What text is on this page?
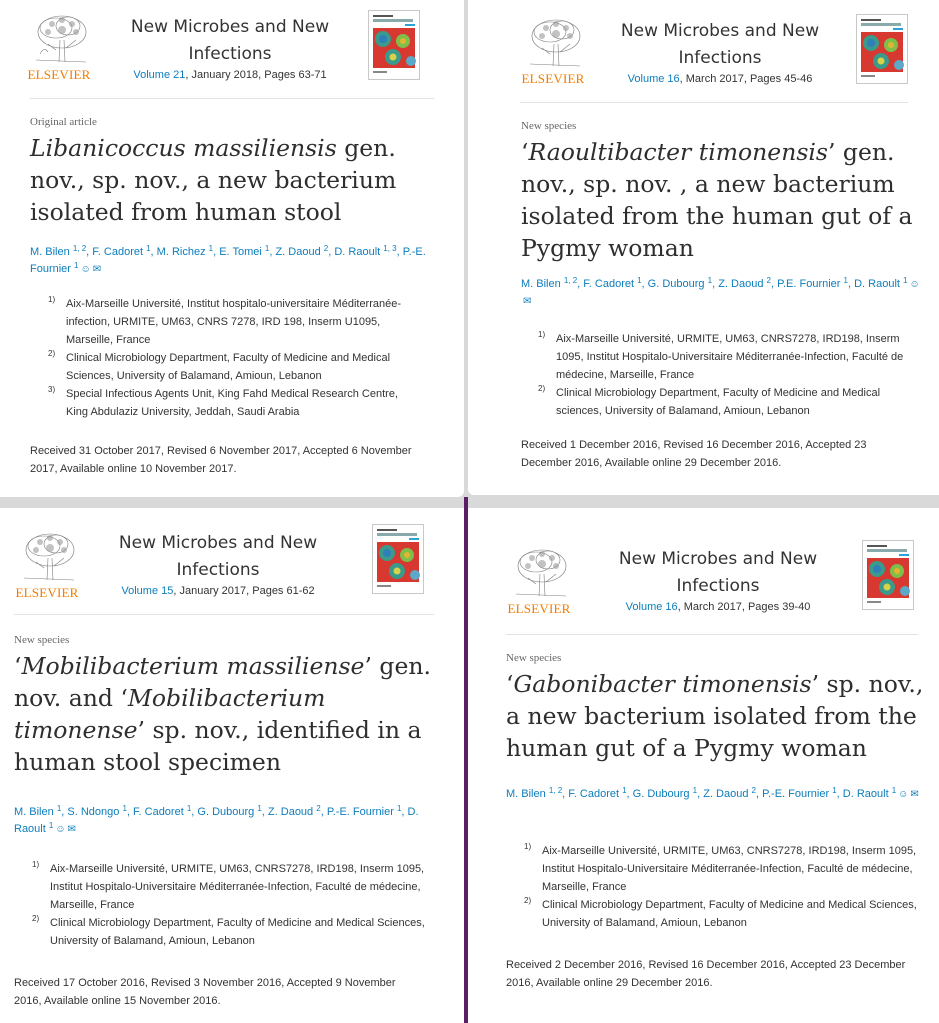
ELSEVIER
New Microbes and New Infections
Volume 21, January 2018, Pages 63-71
Original article
Libanicoccus massiliensis gen. nov., sp. nov., a new bacterium isolated from human stool
M. Bilen $^{1, 2}$, F. Cadoret $^1$, M. Richez $^1$, E. Tomei $^1$, Z. Daoud $^2$, D. Raoult $^{1, 3}$, P.-E. Fournier $^1$ ☺ ✉
1) Aix-Marseille Université, Institut hospitalo-universitaire Méditerranée-infection, URMITE, UM63, CNRS 7278, IRD 198, Inserm U1095, Marseille, France
2) Clinical Microbiology Department, Faculty of Medicine and Medical Sciences, University of Balamand, Amioun, Lebanon
3) Special Infectious Agents Unit, King Fahd Medical Research Centre, King Abdulaziz University, Jeddah, Saudi Arabia
Received 31 October 2017, Revised 6 November 2017, Accepted 6 November 2017, Available online 10 November 2017.
ELSEVIER
New Microbes and New Infections
Volume 16, March 2017, Pages 45-46
New species
‘Raoultibacter timonensis’ gen. nov., sp. nov. , a new bacterium isolated from the human gut of a Pygmy woman
M. Bilen $^{1, 2}$, F. Cadoret $^1$, G. Dubourg $^1$, Z. Daoud $^2$, P.E. Fournier $^1$, D. Raoult $^1$ ☺✉
1) Aix-Marseille Université, URMITE, UM63, CNRS7278, IRD198, Inserm 1095, Institut Hospitalo-Universitaire Méditerranée-Infection, Faculté de médecine, Marseille, France
2) Clinical Microbiology Department, Faculty of Medicine and Medical sciences, University of Balamand, Amioun, Lebanon
Received 1 December 2016, Revised 16 December 2016, Accepted 23 December 2016, Available online 29 December 2016.
ELSEVIER
New Microbes and New Infections
Volume 15, January 2017, Pages 61-62
New species
‘Mobilibacterium massiliense’ gen. nov. and ‘Mobilibacterium timonense’ sp. nov., identified in a human stool specimen
M. Bilen $^1$, S. Ndongo $^1$, F. Cadoret $^1$, G. Dubourg $^1$, Z. Daoud $^2$, P.-E. Fournier $^1$, D. Raoult $^1$ ☺ ✉
1) Aix-Marseille Université, URMITE, UM63, CNRS7278, IRD198, Inserm 1095, Institut Hospitalo-Universitaire Méditerranée-Infection, Faculté de médecine, Marseille, France
2) Clinical Microbiology Department, Faculty of Medicine and Medical Sciences, University of Balamand, Amioun, Lebanon
Received 17 October 2016, Revised 3 November 2016, Accepted 9 November 2016, Available online 15 November 2016.
ELSEVIER
New Microbes and New Infections
Volume 16, March 2017, Pages 39-40
New species
‘Gabonibacter timonensis’ sp. nov., a new bacterium isolated from the human gut of a Pygmy woman
M. Bilen $^{1, 2}$, F. Cadoret $^1$, G. Dubourg $^1$, Z. Daoud $^2$, P.-E. Fournier $^1$, D. Raoult $^1$ ☺ ✉
1) Aix-Marseille Université, URMITE, UM63, CNRS7278, IRD198, Inserm 1095, Institut Hospitalo-Universitaire Méditerranée-Infection, Faculté de médecine, Marseille, France
2) Clinical Microbiology Department, Faculty of Medicine and Medical Sciences, University of Balamand, Amioun, Lebanon
Received 2 December 2016, Revised 16 December 2016, Accepted 23 December 2016, Available online 29 December 2016.
